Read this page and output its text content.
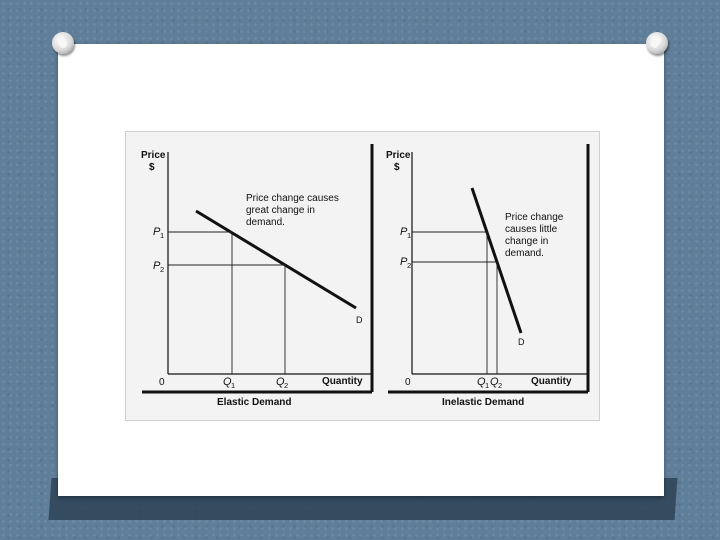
Price
$
Price change causes
great change in
demand.
P 1
P 2
D
0	Q 1	Q 2	Quantity
Elastic Demand
Price
$
Price change
causes little
change in
demand.
P 1
P 2
D
0	Q 1 Q 2	Quantity
Inelastic Demand
